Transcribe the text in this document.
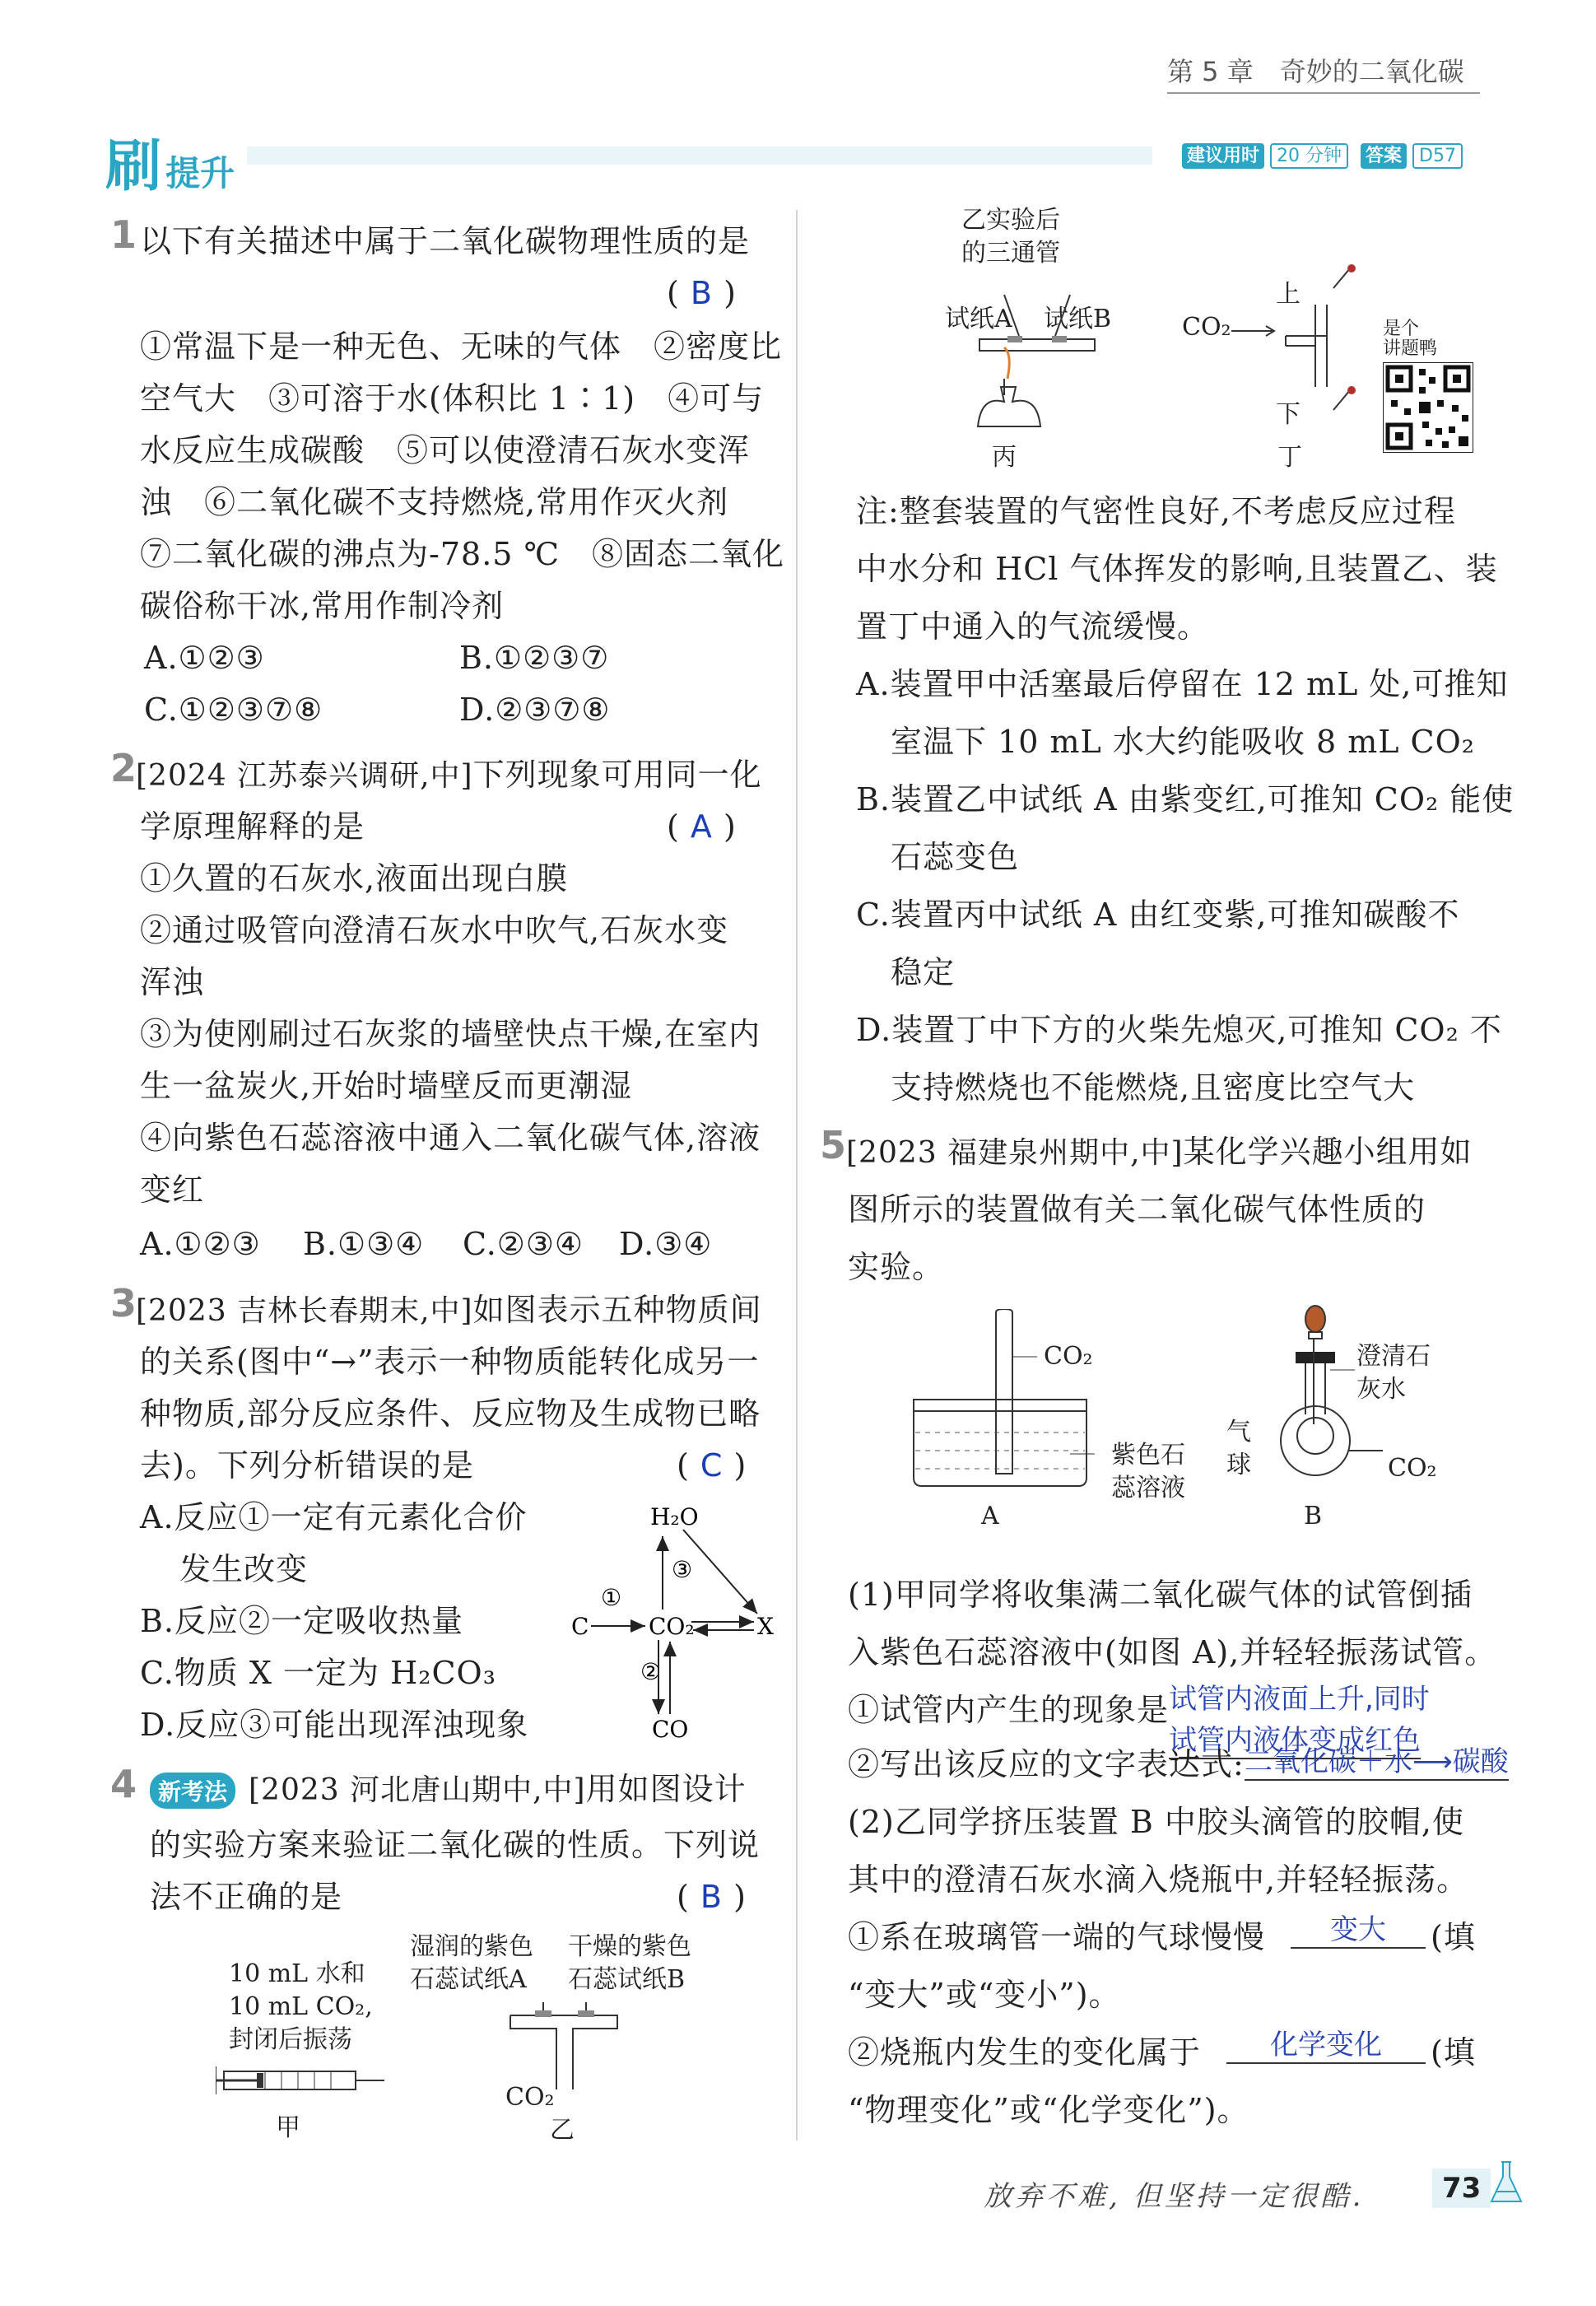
第 5 章　奇妙的二氧化碳
刷 提升	建议用时 20 分钟 答案 D57
1 以下有关描述中属于二氧化碳物理性质的是
( B )
①常温下是一种无色、无味的气体　②密度比
空气大　③可溶于水(体积比 1∶1)　④可与
水反应生成碳酸　⑤可以使澄清石灰水变浑
浊　⑥二氧化碳不支持燃烧,常用作灭火剂
⑦二氧化碳的沸点为-78.5 ℃　⑧固态二氧化
碳俗称干冰,常用作制冷剂
A.①②③	B.①②③⑦
C.①②③⑦⑧	D.②③⑦⑧
2
[2024 江苏泰兴调研,中]下列现象可用同一化
学原理解释的是	( A )
①久置的石灰水,液面出现白膜
②通过吸管向澄清石灰水中吹气,石灰水变
浑浊
③为使刚刷过石灰浆的墙壁快点干燥,在室内
生一盆炭火,开始时墙壁反而更潮湿
④向紫色石蕊溶液中通入二氧化碳气体,溶液
变红
A.①②③ B.①③④ C.②③④ D.③④
3
[2023 吉林长春期末,中]如图表示五种物质间
的关系(图中“→”表示一种物质能转化成另一
种物质,部分反应条件、反应物及生成物已略
去)。下列分析错误的是	( C )
A.反应①一定有元素化合价
发生改变
B.反应②一定吸收热量
C.物质 X 一定为 H₂CO₃
D.反应③可能出现浑浊现象
H₂O
C	CO₂	X
CO
①
②
③
4 新考法 [2023 河北唐山期中,中]用如图设计
的实验方案来验证二氧化碳的性质。下列说
法不正确的是	( B )
10 mL 水和
10 mL CO₂,
封闭后振荡
甲
湿润的紫色
石蕊试纸A
干燥的紫色
石蕊试纸B
CO₂
乙
乙实验后
的三通管
试纸A 试纸B
丙
CO₂
上
下
丁
是个
讲题鸭
注:整套装置的气密性良好,不考虑反应过程
中水分和 HCl 气体挥发的影响,且装置乙、装
置丁中通入的气流缓慢。
A.装置甲中活塞最后停留在 12 mL 处,可推知
室温下 10 mL 水大约能吸收 8 mL CO₂
B.装置乙中试纸 A 由紫变红,可推知 CO₂ 能使
石蕊变色
C.装置丙中试纸 A 由红变紫,可推知碳酸不
稳定
D.装置丁中下方的火柴先熄灭,可推知 CO₂ 不
支持燃烧也不能燃烧,且密度比空气大
5 [2023 福建泉州期中,中]某化学兴趣小组用如
图所示的装置做有关二氧化碳气体性质的
实验。
CO₂
紫色石
蕊溶液
A
澄清石
灰水
气
球	CO₂
B
(1)甲同学将收集满二氧化碳气体的试管倒插
入紫色石蕊溶液中(如图 A),并轻轻振荡试管。
①试管内产生的现象是 试管内液面上升,同时
试管内液体变成红色
②写出该反应的文字表达式: 二氧化碳＋水⟶碳酸
(2)乙同学挤压装置 B 中胶头滴管的胶帽,使
其中的澄清石灰水滴入烧瓶中,并轻轻振荡。
①系在玻璃管一端的气球慢慢	变大	(填
“变大”或“变小”)。
②烧瓶内发生的变化属于	化学变化	(填
“物理变化”或“化学变化”)。
放弃不难, 但坚持一定很酷.	73
